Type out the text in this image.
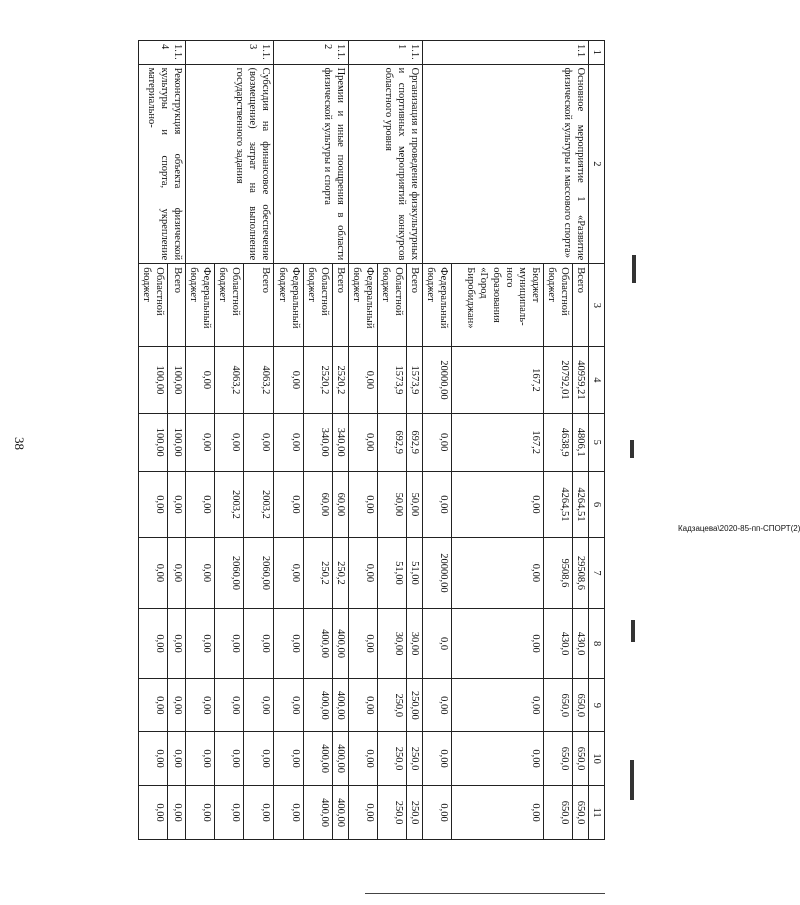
38
1	2	3	4	5	6	7	8	9	10	11
1.1	Основное мероприятие 1 «Развитие физической культуры и массового спорта»	Всего	40959,21	4806,1	4264,51	29508,6	430,0	650,0	650,0	650,0
		Областной бюджет	20792,01	4638,9	4264,51	9508,6	430,0	650,0	650,0	650,0
		Бюджет муниципаль-ного образования «Город Биробиджан»	167,2	167,2	0,00	0,00	0,00	0,00	0,00	0,00
		Федеральный бюджет	20000,00	0,00	0,00	20000,00	0,0	0,00	0,00	0,00
1.1.1	Организация и проведение физкультурных и спортивных мероприятий конкурсов областного уровня	Всего	1573,9	692,9	50,00	51,00	30,00	250,00	250,0	250,0
		Областной бюджет	1573,9	692,9	50,00	51,00	30,00	250,0	250,0	250,0
		Федеральный бюджет	0,00	0,00	0,00	0,00	0,00	0,00	0,00	0,00
1.1.2	Премии и иные поощрения в области физической культуры и спорта	Всего	2520,2	340,00	60,00	250,2	400,00	400,00	400,00	400,00
		Областной бюджет	2520,2	340,00	60,00	250,2	400,00	400,00	400,00	400,00
		Федеральный бюджет	0,00	0,00	0,00	0,00	0,00	0,00	0,00	0,00
1.1.3	Субсидия на финансовое обеспечение (возмещение) затрат на выполнение государственного задания	Всего	4063,2	0,00	2003,2	2060,00	0,00	0,00	0,00	0,00
		Областной бюджет	4063,2	0,00	2003,2	2060,00	0,00	0,00	0,00	0,00
		Федеральный бюджет	0,00	0,00	0,00	0,00	0,00	0,00	0,00	0,00
1.1.4	Реконструкция объекта физической культуры и спорта, укрепление материально-	Всего	100,00	100,00	0,00	0,00	0,00	0,00	0,00	0,00
		Областной бюджет	100,00	100,00	0,00	0,00	0,00	0,00	0,00	0,00
Кадзацева\2020-85-пп-СПОРТ(2)
